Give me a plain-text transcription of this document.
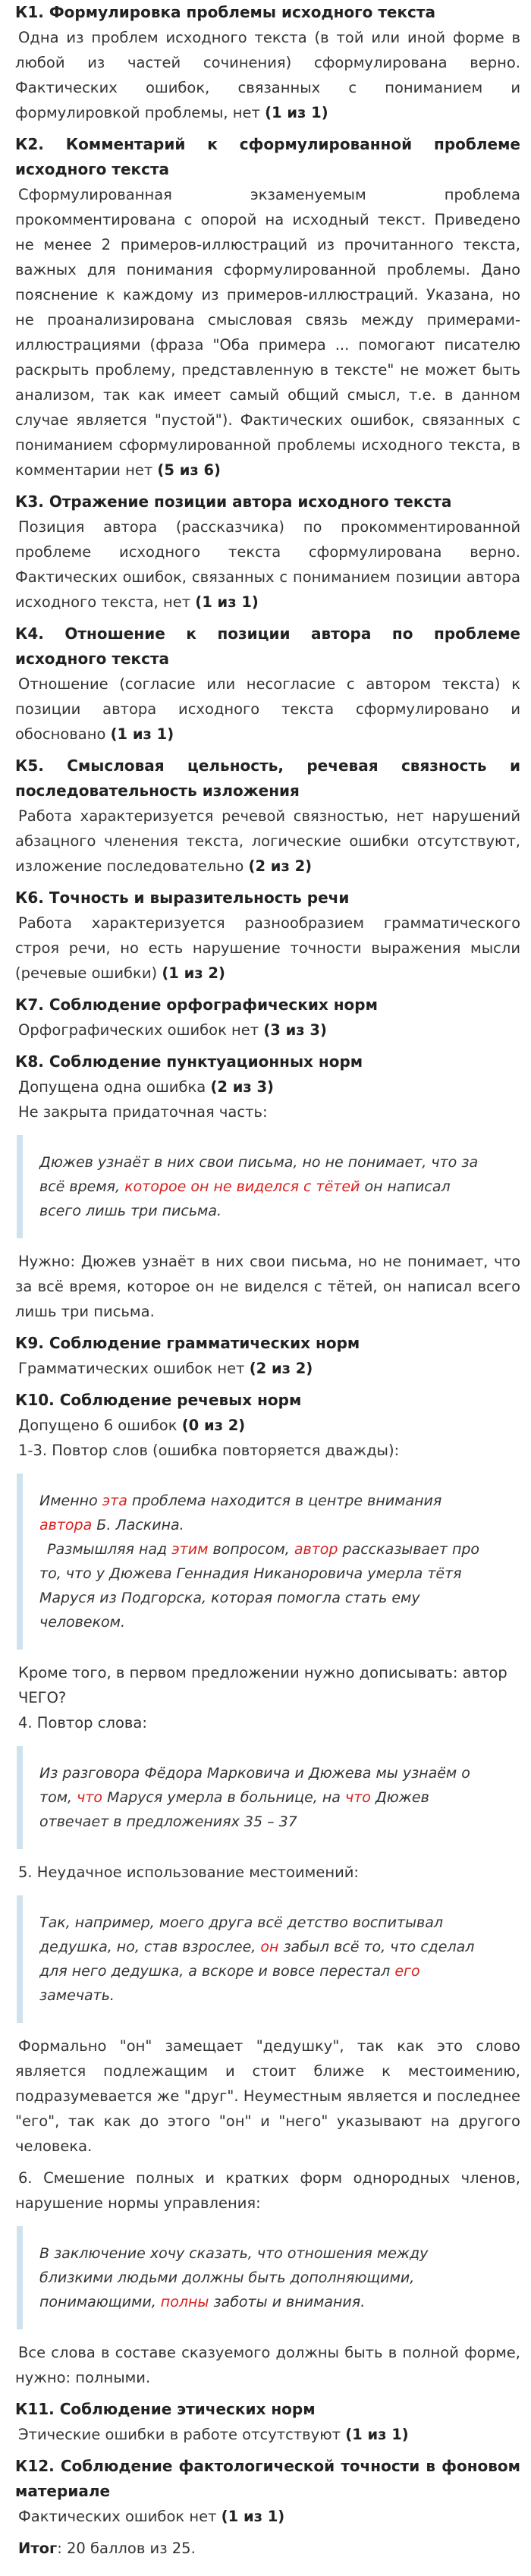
К1. Формулировка проблемы исходного текста

Одна из проблем исходного текста (в той или иной форме в любой из частей сочинения) сформулирована верно. Фактических ошибок, связанных с пониманием и формулировкой проблемы, нет (1 из 1)

К2. Комментарий к сформулированной проблеме исходного текста

Сформулированная экзаменуемым проблема прокомментирована с опорой на исходный текст. Приведено не менее 2 примеров-иллюстраций из прочитанного текста, важных для понимания сформулированной проблемы. Дано пояснение к каждому из примеров-иллюстраций. Указана, но не проанализирована смысловая связь между примерами-иллюстрациями (фраза "Оба примера ... помогают писателю раскрыть проблему, представленную в тексте" не может быть анализом, так как имеет самый общий смысл, т.е. в данном случае является "пустой"). Фактических ошибок, связанных с пониманием сформулированной проблемы исходного текста, в комментарии нет (5 из 6)

К3. Отражение позиции автора исходного текста

Позиция автора (рассказчика) по прокомментированной проблеме исходного текста сформулирована верно. Фактических ошибок, связанных с пониманием позиции автора исходного текста, нет (1 из 1)

К4. Отношение к позиции автора по проблеме исходного текста

Отношение (согласие или несогласие с автором текста) к позиции автора исходного текста сформулировано и обосновано (1 из 1)

К5. Смысловая цельность, речевая связность и последовательность изложения

Работа характеризуется речевой связностью, нет нарушений абзацного членения текста, логические ошибки отсутствуют, изложение последовательно (2 из 2)

К6. Точность и выразительность речи

Работа характеризуется разнообразием грамматического строя речи, но есть нарушение точности выражения мысли (речевые ошибки) (1 из 2)

К7. Соблюдение орфографических норм

Орфографических ошибок нет (3 из 3)

К8. Соблюдение пунктуационных норм

Допущена одна ошибка (2 из 3)

Не закрыта придаточная часть:

Дюжев узнаёт в них свои письма, но не понимает, что за всё время, которое он не виделся с тётей он написал всего лишь три письма.

Нужно: Дюжев узнаёт в них свои письма, но не понимает, что за всё время, которое он не виделся с тётей, он написал всего лишь три письма.

К9. Соблюдение грамматических норм

Грамматических ошибок нет (2 из 2)

К10. Соблюдение речевых норм

Допущено 6 ошибок (0 из 2)

1-3. Повтор слов (ошибка повторяется дважды):

Именно эта проблема находится в центре внимания автора Б. Ласкина.

Размышляя над этим вопросом, автор рассказывает про то, что у Дюжева Геннадия Никаноровича умерла тётя Маруся из Подгорска, которая помогла стать ему человеком.

Кроме того, в первом предложении нужно дописывать: автор ЧЕГО?

4. Повтор слова:

Из разговора Фёдора Марковича и Дюжева мы узнаём о том, что Маруся умерла в больнице, на что Дюжев отвечает в предложениях 35 – 37

5. Неудачное использование местоимений:

Так, например, моего друга всё детство воспитывал дедушка, но, став взрослее, он забыл всё то, что сделал для него дедушка, а вскоре и вовсе перестал его замечать.

Формально "он" замещает "дедушку", так как это слово является подлежащим и стоит ближе к местоимению, подразумевается же "друг". Неуместным является и последнее "его", так как до этого "он" и "него" указывают на другого человека.

6. Смешение полных и кратких форм однородных членов, нарушение нормы управления:

В заключение хочу сказать, что отношения между близкими людьми должны быть дополняющими, понимающими, полны заботы и внимания.

Все слова в составе сказуемого должны быть в полной форме, нужно: полными.

К11. Соблюдение этических норм

Этические ошибки в работе отсутствуют (1 из 1)

К12. Соблюдение фактологической точности в фоновом материале

Фактических ошибок нет (1 из 1)

Итог: 20 баллов из 25.
